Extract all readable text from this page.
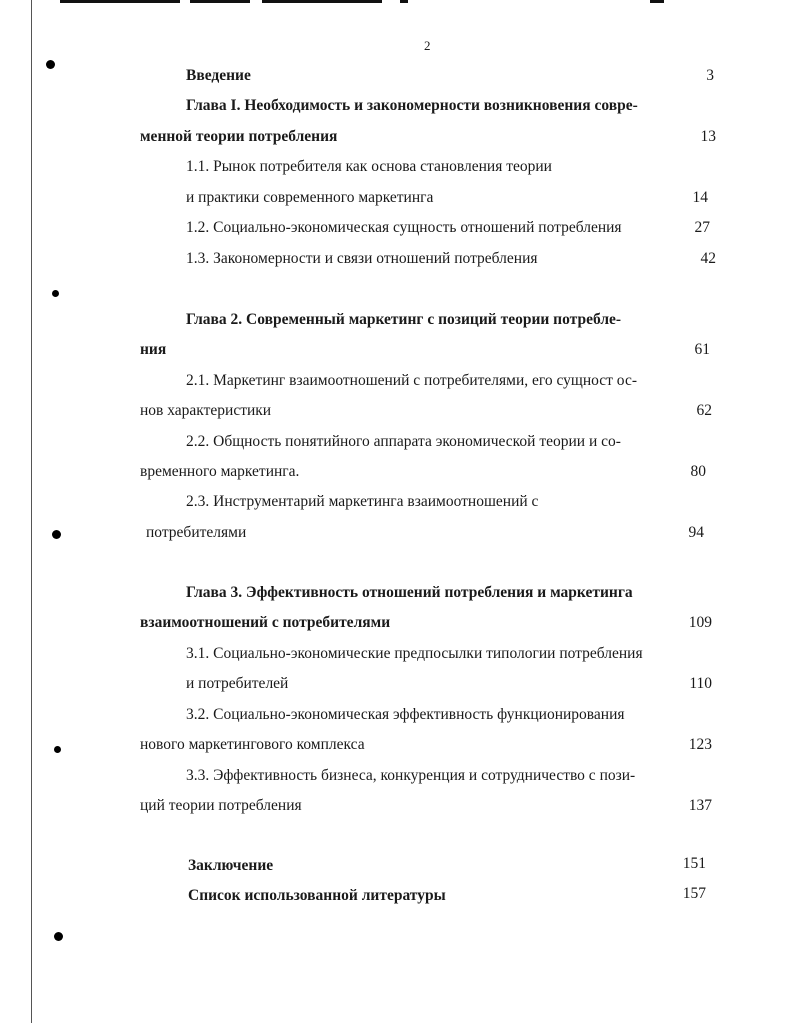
2
Введение	3
Глава I. Необходимость и закономерности возникновения совре-
менной теории потребления	13
1.1. Рынок потребителя как основа становления теории
и практики современного маркетинга	14
1.2. Социально-экономическая сущность отношений потребления	27
1.3. Закономерности и связи отношений потребления	42
Глава 2. Современный маркетинг с позиций теории потребле-
ния	61
2.1. Маркетинг взаимоотношений с потребителями, его сущност ос-
нов характеристики	62
2.2. Общность понятийного аппарата экономической теории и со-
временного маркетинга.	80
2.3. Инструментарий маркетинга взаимоотношений с
потребителями	94
Глава 3. Эффективность отношений потребления и маркетинга
взаимоотношений с потребителями	109
3.1. Социально-экономические предпосылки типологии потребления
и потребителей	110
3.2. Социально-экономическая эффективность функционирования
нового маркетингового комплекса	123
3.3. Эффективность бизнеса, конкуренция и сотрудничество с пози-
ций теории потребления	137
Заключение	151
Список использованной литературы	157
